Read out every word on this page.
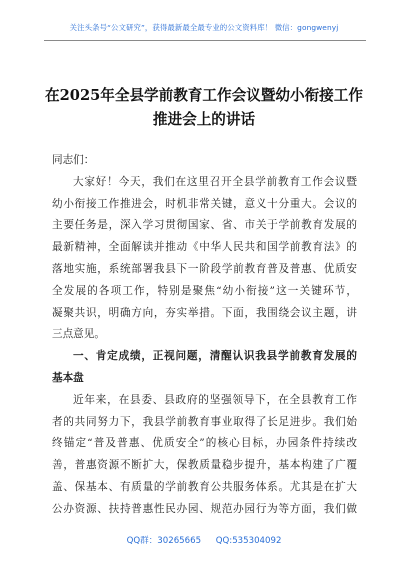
关注头条号“公文研究”，获得最新最全最专业的公文资料库！ 微信：gongwenyj
在2025年全县学前教育工作会议暨幼小衔接工作
推进会上的讲话

同志们：

大家好！今天，我们在这里召开全县学前教育工作会议暨
幼小衔接工作推进会，时机非常关键，意义十分重大。会议的
主要任务是，深入学习贯彻国家、省、市关于学前教育发展的
最新精神，全面解读并推动《中华人民共和国学前教育法》的
落地实施，系统部署我县下一阶段学前教育普及普惠、优质安
全发展的各项工作，特别是聚焦“幼小衔接”这一关键环节，
凝聚共识，明确方向，夯实举措。下面，我围绕会议主题，讲
三点意见。

一、肯定成绩，正视问题，清醒认识我县学前教育发展的
基本盘

近年来，在县委、县政府的坚强领导下，在全县教育工作
者的共同努力下，我县学前教育事业取得了长足进步。我们始
终锚定“普及普惠、优质安全”的核心目标，办园条件持续改
善，普惠资源不断扩大，保教质量稳步提升，基本构建了广覆
盖、保基本、有质量的学前教育公共服务体系。尤其是在扩大
公办资源、扶持普惠性民办园、规范办园行为等方面，我们做

QQ群：30265665 QQ:535304092
